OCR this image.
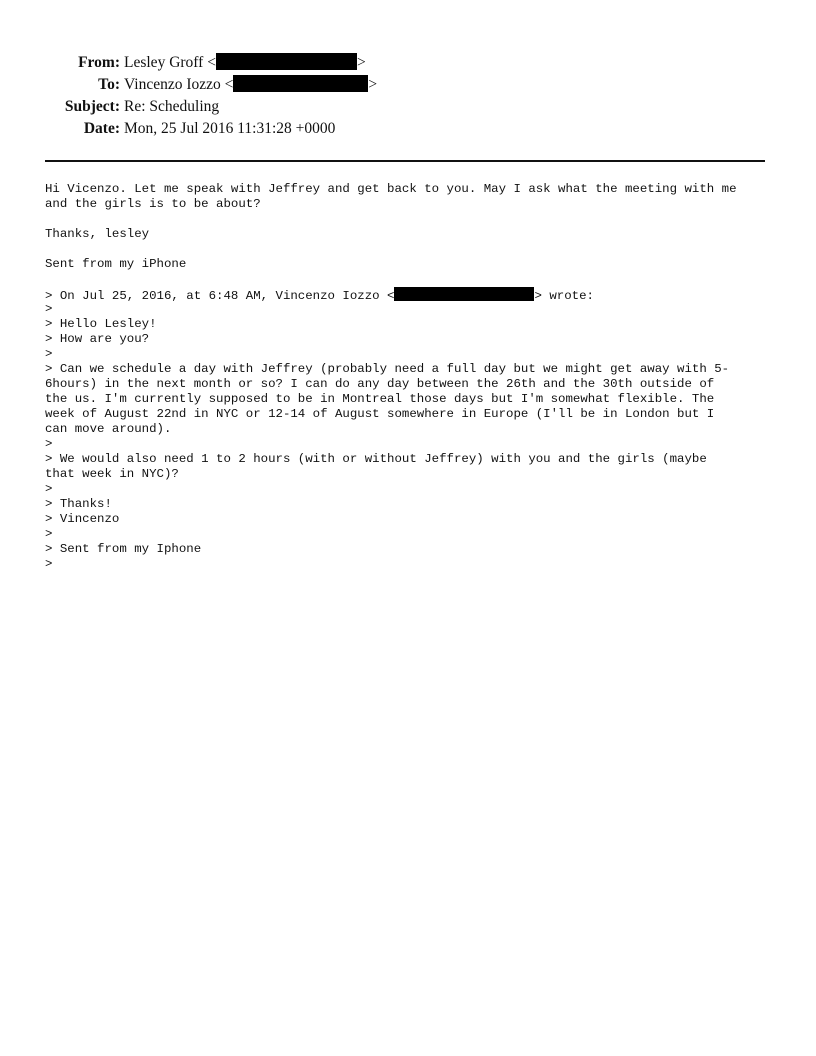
From: Lesley Groff <	>
To: Vincenzo Iozzo <	>
Subject: Re: Scheduling
Date: Mon, 25 Jul 2016 11:31:28 +0000
Hi Vicenzo. Let me speak with Jeffrey and get back to you. May I ask what the meeting with me
and the girls is to be about?
Thanks, lesley
Sent from my iPhone
> On Jul 25, 2016, at 6:48 AM, Vincenzo Iozzo <	> wrote:
>
> Hello Lesley!
> How are you?
>
> Can we schedule a day with Jeffrey (probably need a full day but we might get away with 5-
6hours) in the next month or so? I can do any day between the 26th and the 30th outside of
the us. I'm currently supposed to be in Montreal those days but I'm somewhat flexible. The
week of August 22nd in NYC or 12-14 of August somewhere in Europe (I'll be in London but I
can move around).
>
> We would also need 1 to 2 hours (with or without Jeffrey) with you and the girls (maybe
that week in NYC)?
>
> Thanks!
> Vincenzo
>
> Sent from my Iphone
>
